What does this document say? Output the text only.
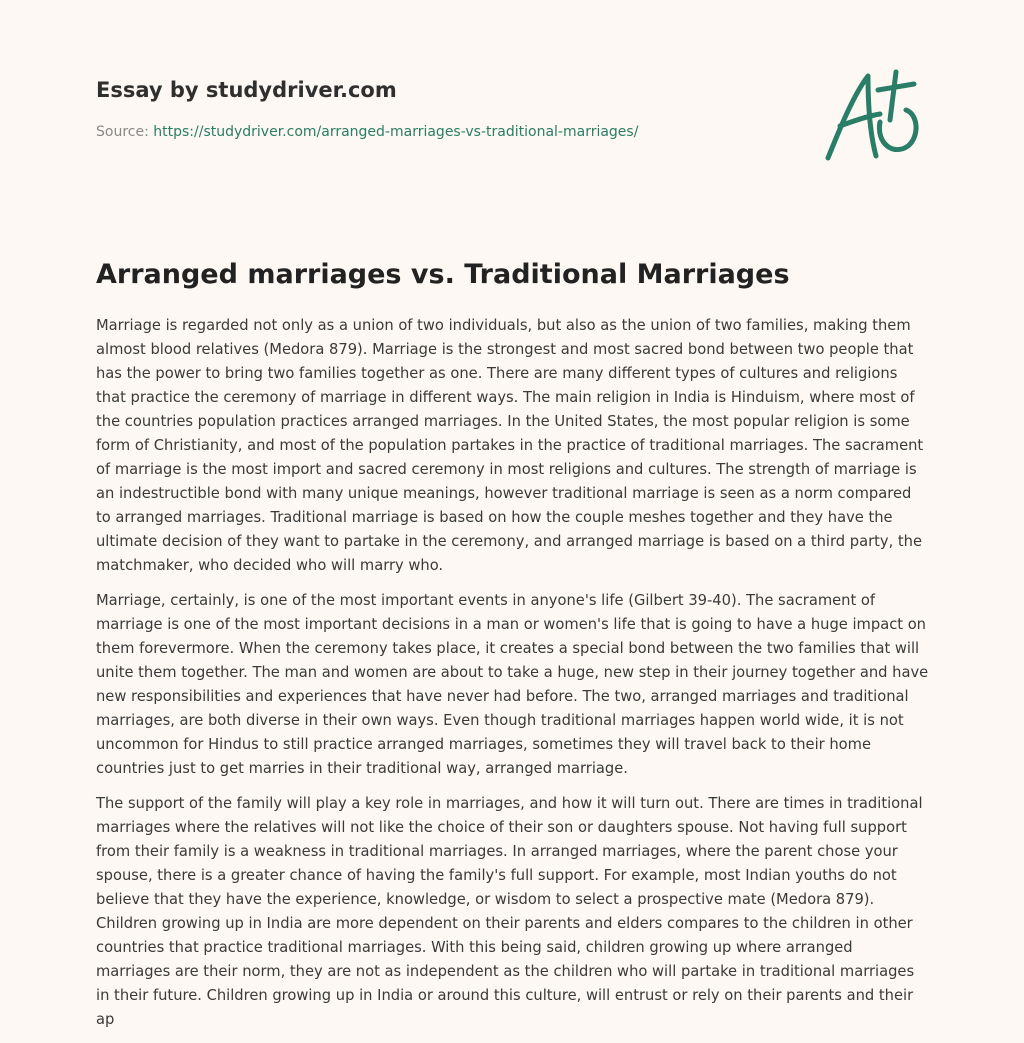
Essay by studydriver.com
Source: https://studydriver.com/arranged-marriages-vs-traditional-marriages/
Arranged marriages vs. Traditional Marriages

Marriage is regarded not only as a union of two individuals, but also as the union of two families, making them almost blood relatives (Medora 879). Marriage is the strongest and most sacred bond between two people that has the power to bring two families together as one. There are many different types of cultures and religions that practice the ceremony of marriage in different ways. The main religion in India is Hinduism, where most of the countries population practices arranged marriages. In the United States, the most popular religion is some form of Christianity, and most of the population partakes in the practice of traditional marriages. The sacrament of marriage is the most import and sacred ceremony in most religions and cultures. The strength of marriage is an indestructible bond with many unique meanings, however traditional marriage is seen as a norm compared to arranged marriages. Traditional marriage is based on how the couple meshes together and they have the ultimate decision of they want to partake in the ceremony, and arranged marriage is based on a third party, the matchmaker, who decided who will marry who.

Marriage, certainly, is one of the most important events in anyone's life (Gilbert 39-40). The sacrament of marriage is one of the most important decisions in a man or women's life that is going to have a huge impact on them forevermore. When the ceremony takes place, it creates a special bond between the two families that will unite them together. The man and women are about to take a huge, new step in their journey together and have new responsibilities and experiences that have never had before. The two, arranged marriages and traditional marriages, are both diverse in their own ways. Even though traditional marriages happen world wide, it is not uncommon for Hindus to still practice arranged marriages, sometimes they will travel back to their home countries just to get marries in their traditional way, arranged marriage.

The support of the family will play a key role in marriages, and how it will turn out. There are times in traditional marriages where the relatives will not like the choice of their son or daughters spouse. Not having full support from their family is a weakness in traditional marriages. In arranged marriages, where the parent chose your spouse, there is a greater chance of having the family's full support. For example, most Indian youths do not believe that they have the experience, knowledge, or wisdom to select a prospective mate (Medora 879). Children growing up in India are more dependent on their parents and elders compares to the children in other countries that practice traditional marriages. With this being said, children growing up where arranged marriages are their norm, they are not as independent as the children who will partake in traditional marriages in their future. Children growing up in India or around this culture, will entrust or rely on their parents and their ap
